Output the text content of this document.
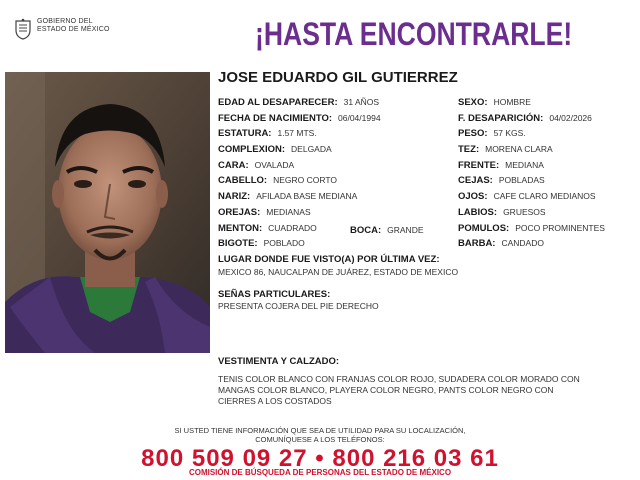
GOBIERNO DEL
ESTADO DE MÉXICO	¡HASTA ENCONTRARLE!
JOSE EDUARDO GIL GUTIERREZ
EDAD AL DESAPARECER: 31 AÑOS
FECHA DE NACIMIENTO: 06/04/1994
ESTATURA: 1.57 MTS.
COMPLEXION: DELGADA
CARA: OVALADA
CABELLO: NEGRO CORTO
NARIZ: AFILADA BASE MEDIANA
OREJAS: MEDIANAS
MENTON: CUADRADO	BOCA: GRANDE
BIGOTE: POBLADO
SEXO: HOMBRE
F. DESAPARICIÓN: 04/02/2026
PESO: 57 KGS.
TEZ: MORENA CLARA
FRENTE: MEDIANA
CEJAS: POBLADAS
OJOS: CAFE CLARO MEDIANOS
LABIOS: GRUESOS
POMULOS: POCO PROMINENTES
BARBA: CANDADO
LUGAR DONDE FUE VISTO(A) POR ÚLTIMA VEZ:
MEXICO 86, NAUCALPAN DE JUÁREZ, ESTADO DE MEXICO
SEÑAS PARTICULARES:
PRESENTA COJERA DEL PIE DERECHO
VESTIMENTA Y CALZADO:
TENIS COLOR BLANCO CON FRANJAS COLOR ROJO, SUDADERA COLOR MORADO CON
MANGAS COLOR BLANCO, PLAYERA COLOR NEGRO, PANTS COLOR NEGRO CON
CIERRES A LOS COSTADOS
SI USTED TIENE INFORMACIÓN QUE SEA DE UTILIDAD PARA SU LOCALIZACIÓN,
COMUNÍQUESE A LOS TELÉFONOS:
800 509 09 27 • 800 216 03 61
COMISIÓN DE BÚSQUEDA DE PERSONAS DEL ESTADO DE MÉXICO
